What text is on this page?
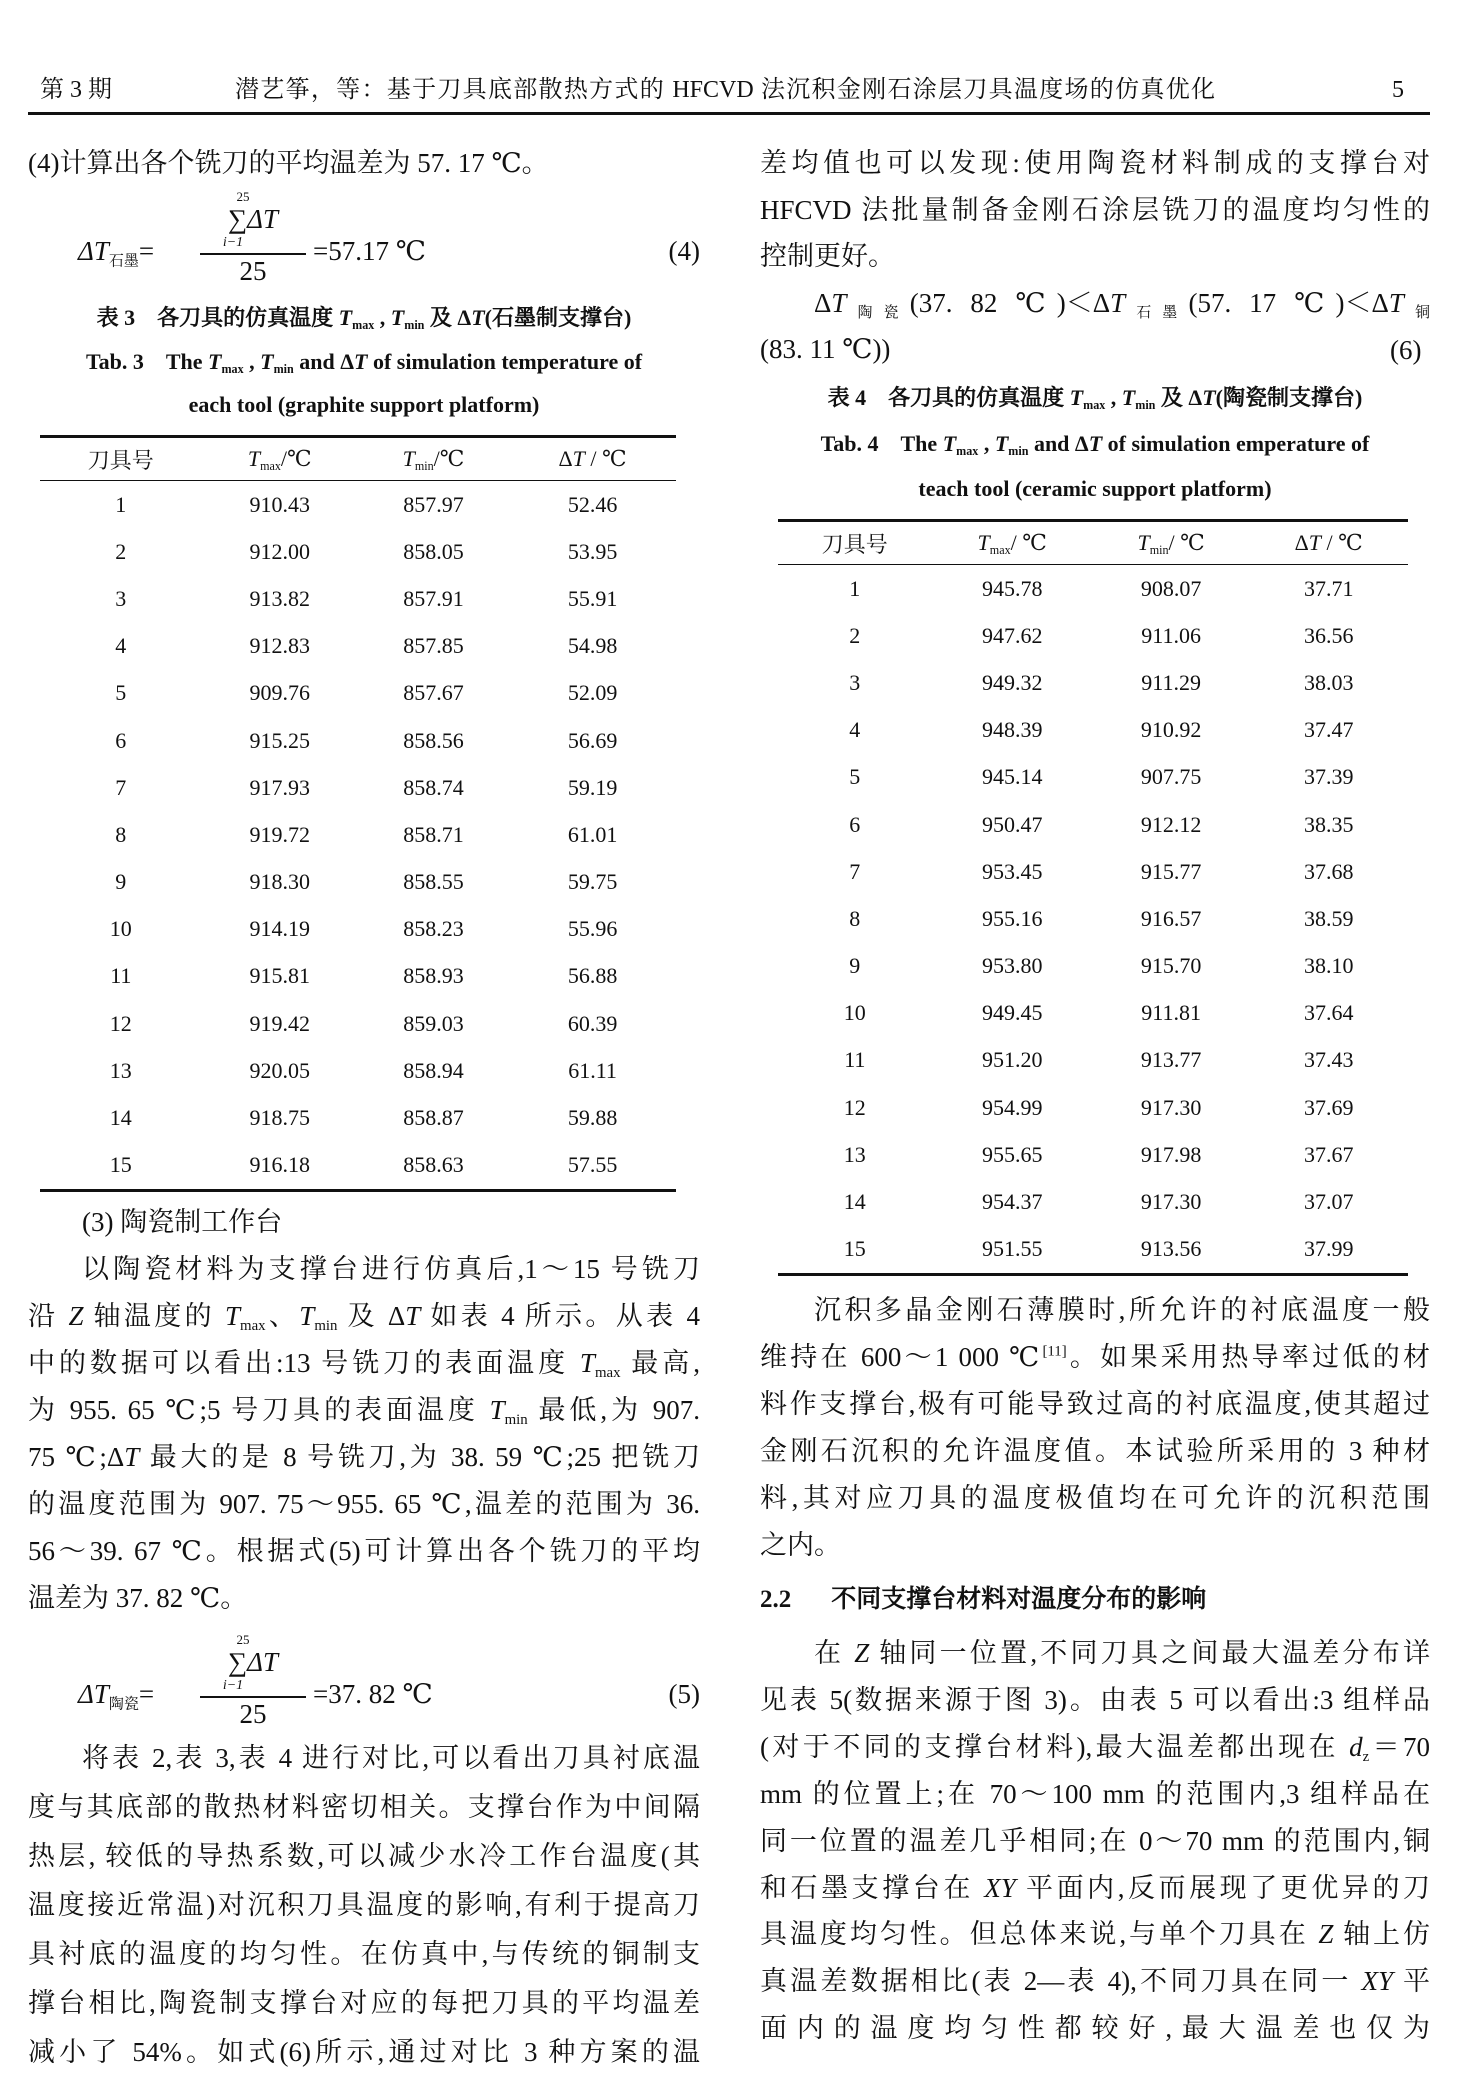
第 3 期	潜艺筝，等：基于刀具底部散热方式的 HFCVD 法沉积金刚石涂层刀具温度场的仿真优化	5
(4)计算出各个铣刀的平均温差为 57. 17 ℃。
$\Delta T_{石墨}=$
25
∑ΔT
i−1
25
=57.17 ℃	(4)
表 3　各刀具的仿真温度 $T_{max}$ , $T_{min}$ 及 ΔT(石墨制支撑台)
Tab. 3　The $T_{max}$ , $T_{min}$ and ΔT of simulation temperature of
each tool (graphite support platform)
刀具号	$T_{max}/℃$	$T_{min}/℃$	ΔT / ℃
1	910.43	857.97	52.46
2	912.00	858.05	53.95
3	913.82	857.91	55.91
4	912.83	857.85	54.98
5	909.76	857.67	52.09
6	915.25	858.56	56.69
7	917.93	858.74	59.19
8	919.72	858.71	61.01
9	918.30	858.55	59.75
10	914.19	858.23	55.96
11	915.81	858.93	56.88
12	919.42	859.03	60.39
13	920.05	858.94	61.11
14	918.75	858.87	59.88
15	916.18	858.63	57.55
(3) 陶瓷制工作台
以陶瓷材料为支撑台进行仿真后,1～15 号铣刀
沿 Z 轴温度的 $T_{max}$、$T_{min}$ 及 ΔT 如表 4 所示。从表 4
中的数据可以看出:13 号铣刀的表面温度 $T_{max}$ 最高,
为 955. 65 ℃;5 号刀具的表面温度 $T_{min}$ 最低,为 907.
75 ℃;ΔT 最大的是 8 号铣刀,为 38. 59 ℃;25 把铣刀
的温度范围为 907. 75～955. 65 ℃,温差的范围为 36.
56～39. 67 ℃。根据式(5)可计算出各个铣刀的平均
温差为 37. 82 ℃。
$\Delta T_{陶瓷}=$
25
∑ΔT
i−1
25
=37. 82 ℃	(5)
将表 2,表 3,表 4 进行对比,可以看出刀具衬底温
度与其底部的散热材料密切相关。支撑台作为中间隔
热层, 较低的导热系数,可以减少水冷工作台温度(其
温度接近常温)对沉积刀具温度的影响,有利于提高刀
具衬底的温度的均匀性。在仿真中,与传统的铜制支
撑台相比,陶瓷制支撑台对应的每把刀具的平均温差
减小了 54%。如式(6)所示,通过对比 3 种方案的温
差均值也可以发现:使用陶瓷材料制成的支撑台对
HFCVD 法批量制备金刚石涂层铣刀的温度均匀性的
控制更好。
$\Delta T_{陶瓷}(37$. 82 $℃)<\Delta T_{石墨}(57$. 17 $℃)<\Delta T_铜$
(83. 11 ℃))	(6)
表 4　各刀具的仿真温度 $T_{max}$ , $T_{min}$ 及 ΔT(陶瓷制支撑台)
Tab. 4　The $T_{max}$ , $T_{min}$ and ΔT of simulation emperature of
teach tool (ceramic support platform)
刀具号	$T_{max}/$ ℃	$T_{min}/$ ℃	ΔT / ℃
1	945.78	908.07	37.71
2	947.62	911.06	36.56
3	949.32	911.29	38.03
4	948.39	910.92	37.47
5	945.14	907.75	37.39
6	950.47	912.12	38.35
7	953.45	915.77	37.68
8	955.16	916.57	38.59
9	953.80	915.70	38.10
10	949.45	911.81	37.64
11	951.20	913.77	37.43
12	954.99	917.30	37.69
13	955.65	917.98	37.67
14	954.37	917.30	37.07
15	951.55	913.56	37.99
沉积多晶金刚石薄膜时,所允许的衬底温度一般
维持在 600～1 000 ℃[11]。如果采用热导率过低的材
料作支撑台,极有可能导致过高的衬底温度,使其超过
金刚石沉积的允许温度值。本试验所采用的 3 种材
料,其对应刀具的温度极值均在可允许的沉积范围
之内。
2.2 不同支撑台材料对温度分布的影响
在 Z 轴同一位置,不同刀具之间最大温差分布详
见表 5(数据来源于图 3)。由表 5 可以看出:3 组样品
(对于不同的支撑台材料),最大温差都出现在 $d_z=70$
mm 的位置上;在 70～100 mm 的范围内,3 组样品在
同一位置的温差几乎相同;在 0～70 mm 的范围内,铜
和石墨支撑台在 XY 平面内,反而展现了更优异的刀
具温度均匀性。但总体来说,与单个刀具在 Z 轴上仿
真温差数据相比(表 2—表 4),不同刀具在同一 XY 平
面内的温度均匀性都较好,最大温差也仅为
